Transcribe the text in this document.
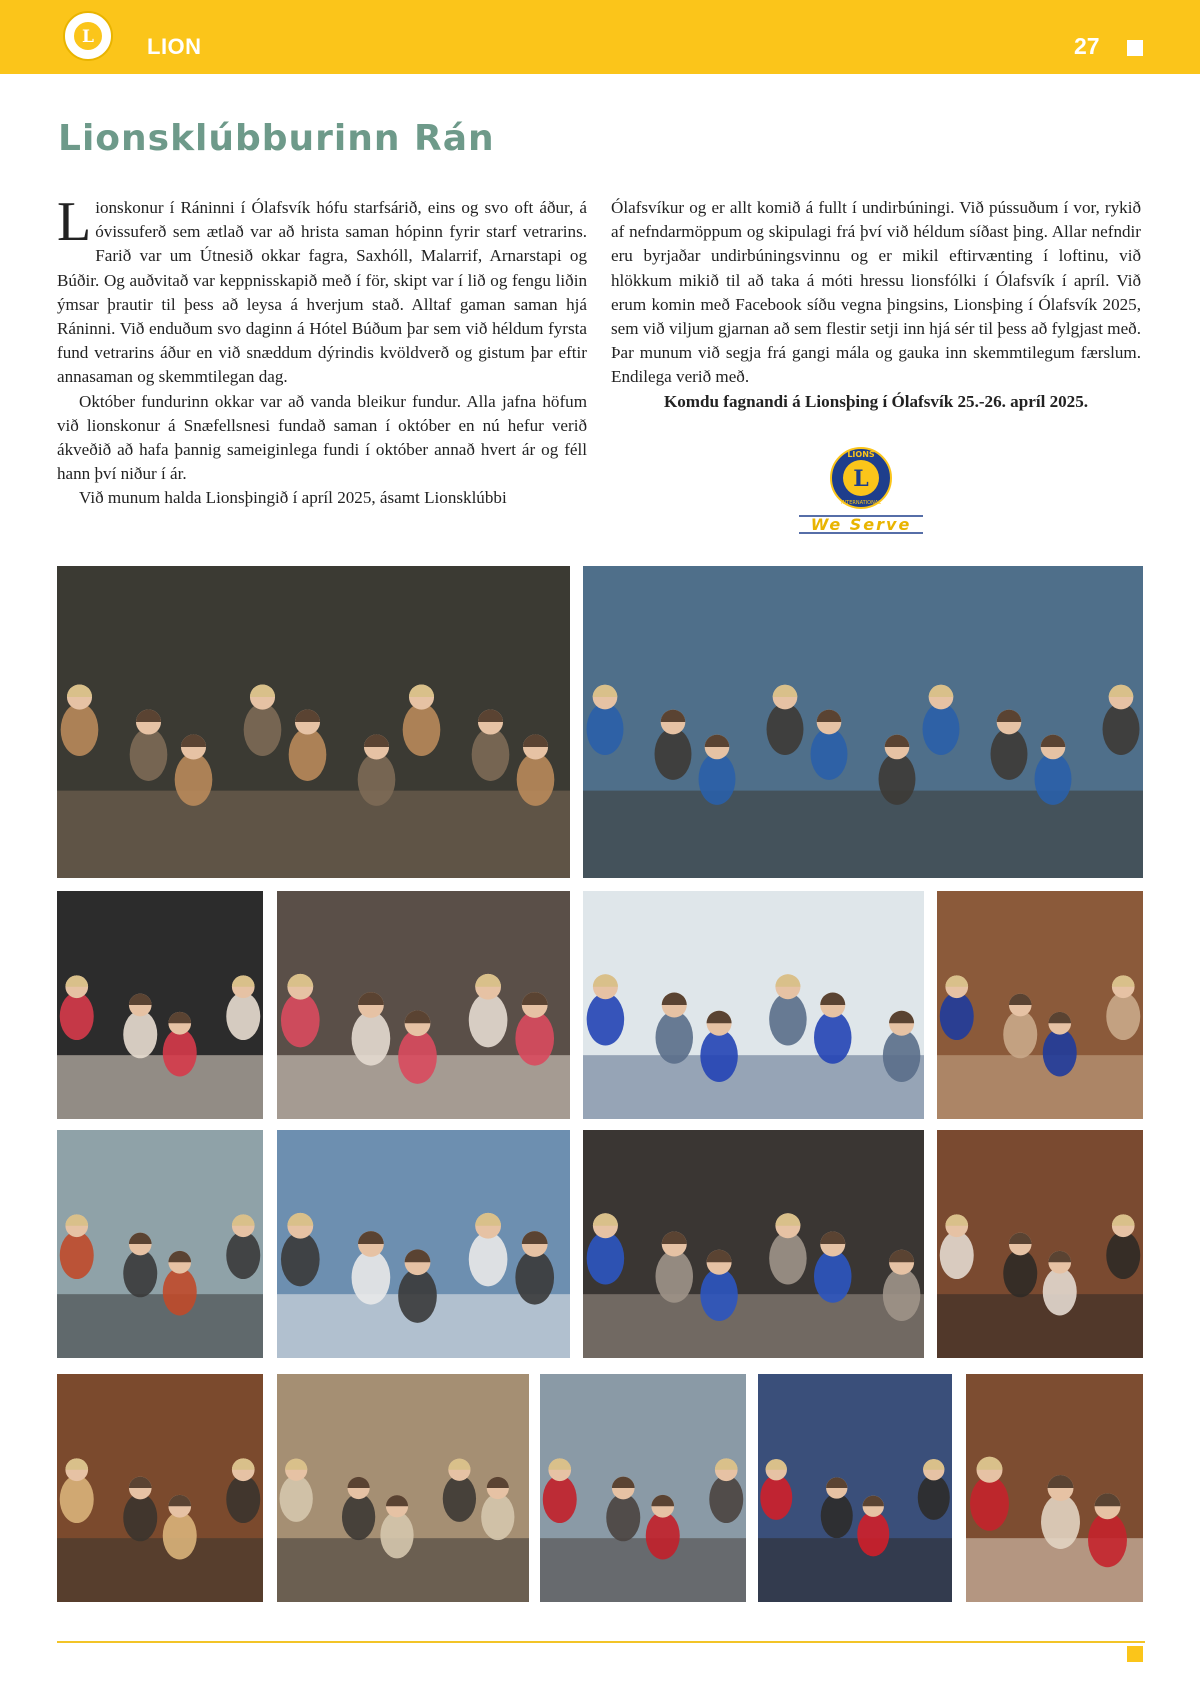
L LION	27
Lionsklúbburinn Rán

Lionskonur í Ráninni í Ólafsvík hófu starfsárið, eins og svo oft áður, á óvissuferð sem ætlað var að hrista saman hópinn fyrir starf vetrarins. Farið var um Útnesið okkar fagra, Saxhóll, Malarrif, Arnarstapi og Búðir. Og auðvitað var keppnisskapið með í för, skipt var í lið og fengu liðin ýmsar þrautir til þess að leysa á hverjum stað. Alltaf gaman saman hjá Ráninni. Við enduðum svo daginn á Hótel Búðum þar sem við héldum fyrsta fund vetrarins áður en við snæddum dýrindis kvöldverð og gistum þar eftir annasaman og skemmtilegan dag.

Október fundurinn okkar var að vanda bleikur fundur. Alla jafna höfum við lionskonur á Snæfellsnesi fundað saman í október en nú hefur verið ákveðið að hafa þannig sameiginlega fundi í október annað hvert ár og féll hann því niður í ár.

Við munum halda Lionsþingið í apríl 2025, ásamt Lionsklúbbi

Ólafsvíkur og er allt komið á fullt í undirbúningi. Við pússuðum í vor, rykið af nefndarmöppum og skipulagi frá því við héldum síðast þing. Allar nefndir eru byrjaðar undirbúningsvinnu og er mikil eftirvænting í loftinu, við hlökkum mikið til að taka á móti hressu lionsfólki í Ólafsvík í apríl. Við erum komin með Facebook síðu vegna þingsins, Lionsþing í Ólafsvík 2025, sem við viljum gjarnan að sem flestir setji inn hjá sér til þess að fylgjast með. Þar munum við segja frá gangi mála og gauka inn skemmtilegum færslum. Endilega verið með.

Komdu fagnandi á Lionsþing í Ólafsvík 25.-26. apríl 2025.

L
LIONS
INTERNATIONAL
We Serve
